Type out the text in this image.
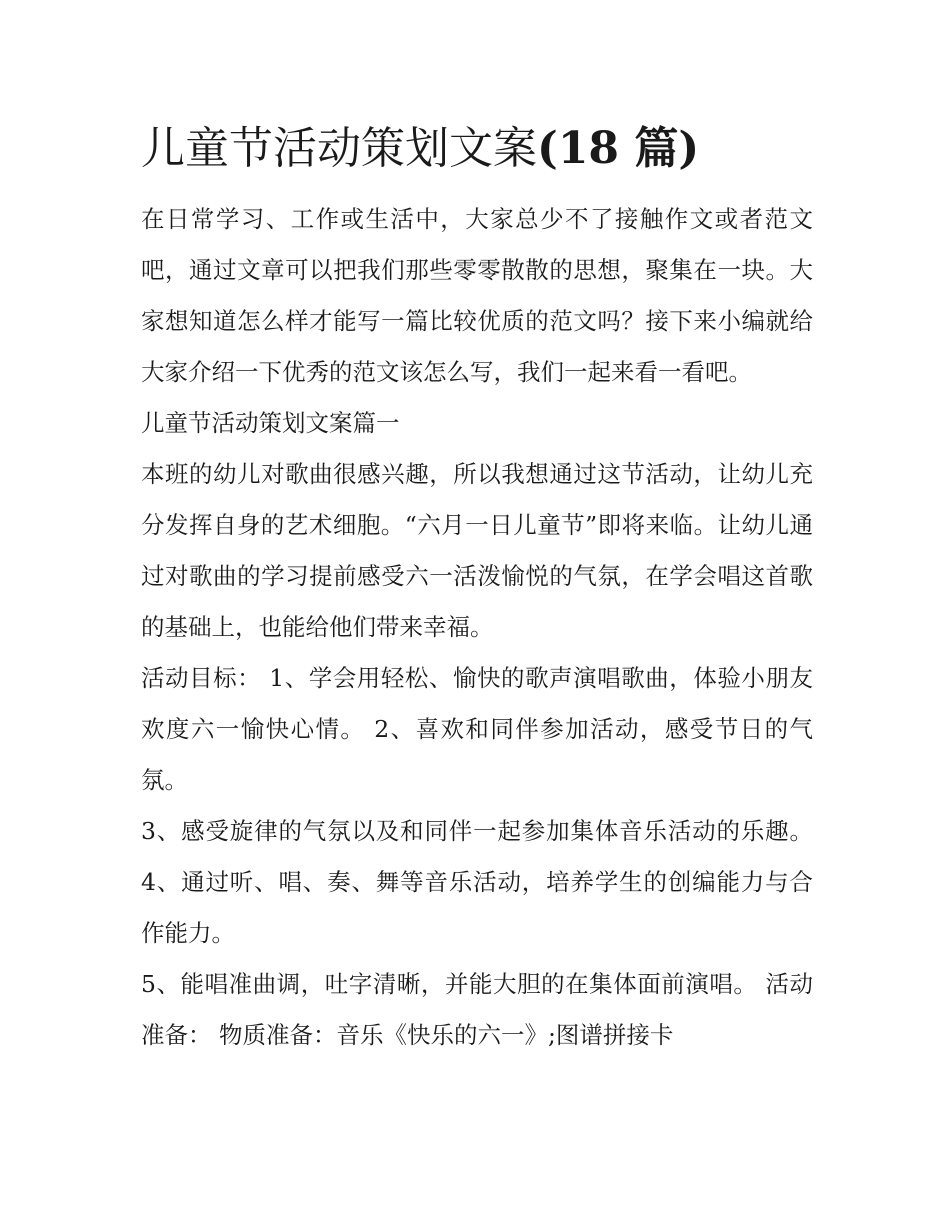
儿童节活动策划文案(18 篇)

在日常学习、工作或生活中，大家总少不了接触作文或者范文吧，通过文章可以把我们那些零零散散的思想，聚集在一块。大家想知道怎么样才能写一篇比较优质的范文吗？接下来小编就给大家介绍一下优秀的范文该怎么写，我们一起来看一看吧。

儿童节活动策划文案篇一

本班的幼儿对歌曲很感兴趣，所以我想通过这节活动，让幼儿充分发挥自身的艺术细胞。“六月一日儿童节”即将来临。让幼儿通过对歌曲的学习提前感受六一活泼愉悦的气氛，在学会唱这首歌的基础上，也能给他们带来幸福。

活动目标： 1、学会用轻松、愉快的歌声演唱歌曲，体验小朋友欢度六一愉快心情。 2、喜欢和同伴参加活动，感受节日的气氛。

3、感受旋律的气氛以及和同伴一起参加集体音乐活动的乐趣。 4、通过听、唱、奏、舞等音乐活动，培养学生的创编能力与合作能力。

5、能唱准曲调，吐字清晰，并能大胆的在集体面前演唱。 活动准备： 物质准备：音乐《快乐的六一》;图谱拼接卡
